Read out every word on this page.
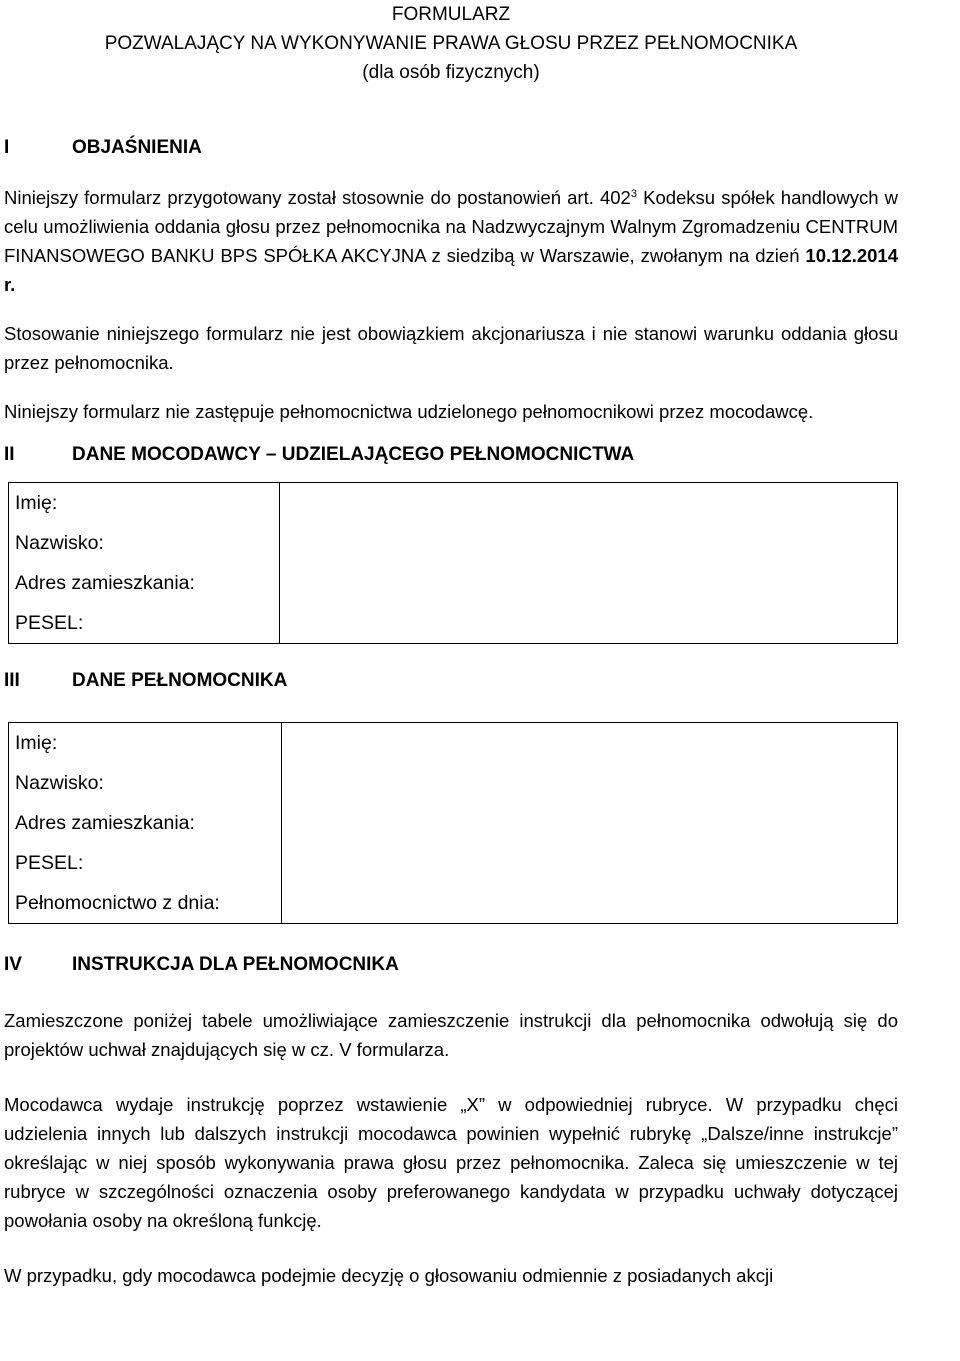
FORMULARZ
POZWALAJĄCY NA WYKONYWANIE PRAWA GŁOSU PRZEZ PEŁNOMOCNIKA
(dla osób fizycznych)
I	OBJAŚNIENIA

Niniejszy formularz przygotowany został stosownie do postanowień art. $402^3$ Kodeksu spółek handlowych w celu umożliwienia oddania głosu przez pełnomocnika na Nadzwyczajnym Walnym Zgromadzeniu CENTRUM FINANSOWEGO BANKU BPS SPÓŁKA AKCYJNA z siedzibą w Warszawie, zwołanym na dzień 10.12.2014 r.

Stosowanie niniejszego formularz nie jest obowiązkiem akcjonariusza i nie stanowi warunku oddania głosu przez pełnomocnika.

Niniejszy formularz nie zastępuje pełnomocnictwa udzielonego pełnomocnikowi przez mocodawcę.

II	DANE MOCODAWCY – UDZIELAJĄCEGO PEŁNOMOCNICTWA
Imię:
Nazwisko:
Adres zamieszkania:
PESEL:

III	DANE PEŁNOMOCNIKA
Imię:
Nazwisko:
Adres zamieszkania:
PESEL:
Pełnomocnictwo z dnia:

IV	INSTRUKCJA DLA PEŁNOMOCNIKA

Zamieszczone poniżej tabele umożliwiające zamieszczenie instrukcji dla pełnomocnika odwołują się do projektów uchwał znajdujących się w cz. V formularza.

Mocodawca wydaje instrukcję poprzez wstawienie „X” w odpowiedniej rubryce. W przypadku chęci udzielenia innych lub dalszych instrukcji mocodawca powinien wypełnić rubrykę „Dalsze/inne instrukcje” określając w niej sposób wykonywania prawa głosu przez pełnomocnika. Zaleca się umieszczenie w tej rubryce w szczególności oznaczenia osoby preferowanego kandydata w przypadku uchwały dotyczącej powołania osoby na określoną funkcję.

W przypadku, gdy mocodawca podejmie decyzję o głosowaniu odmiennie z posiadanych akcji
